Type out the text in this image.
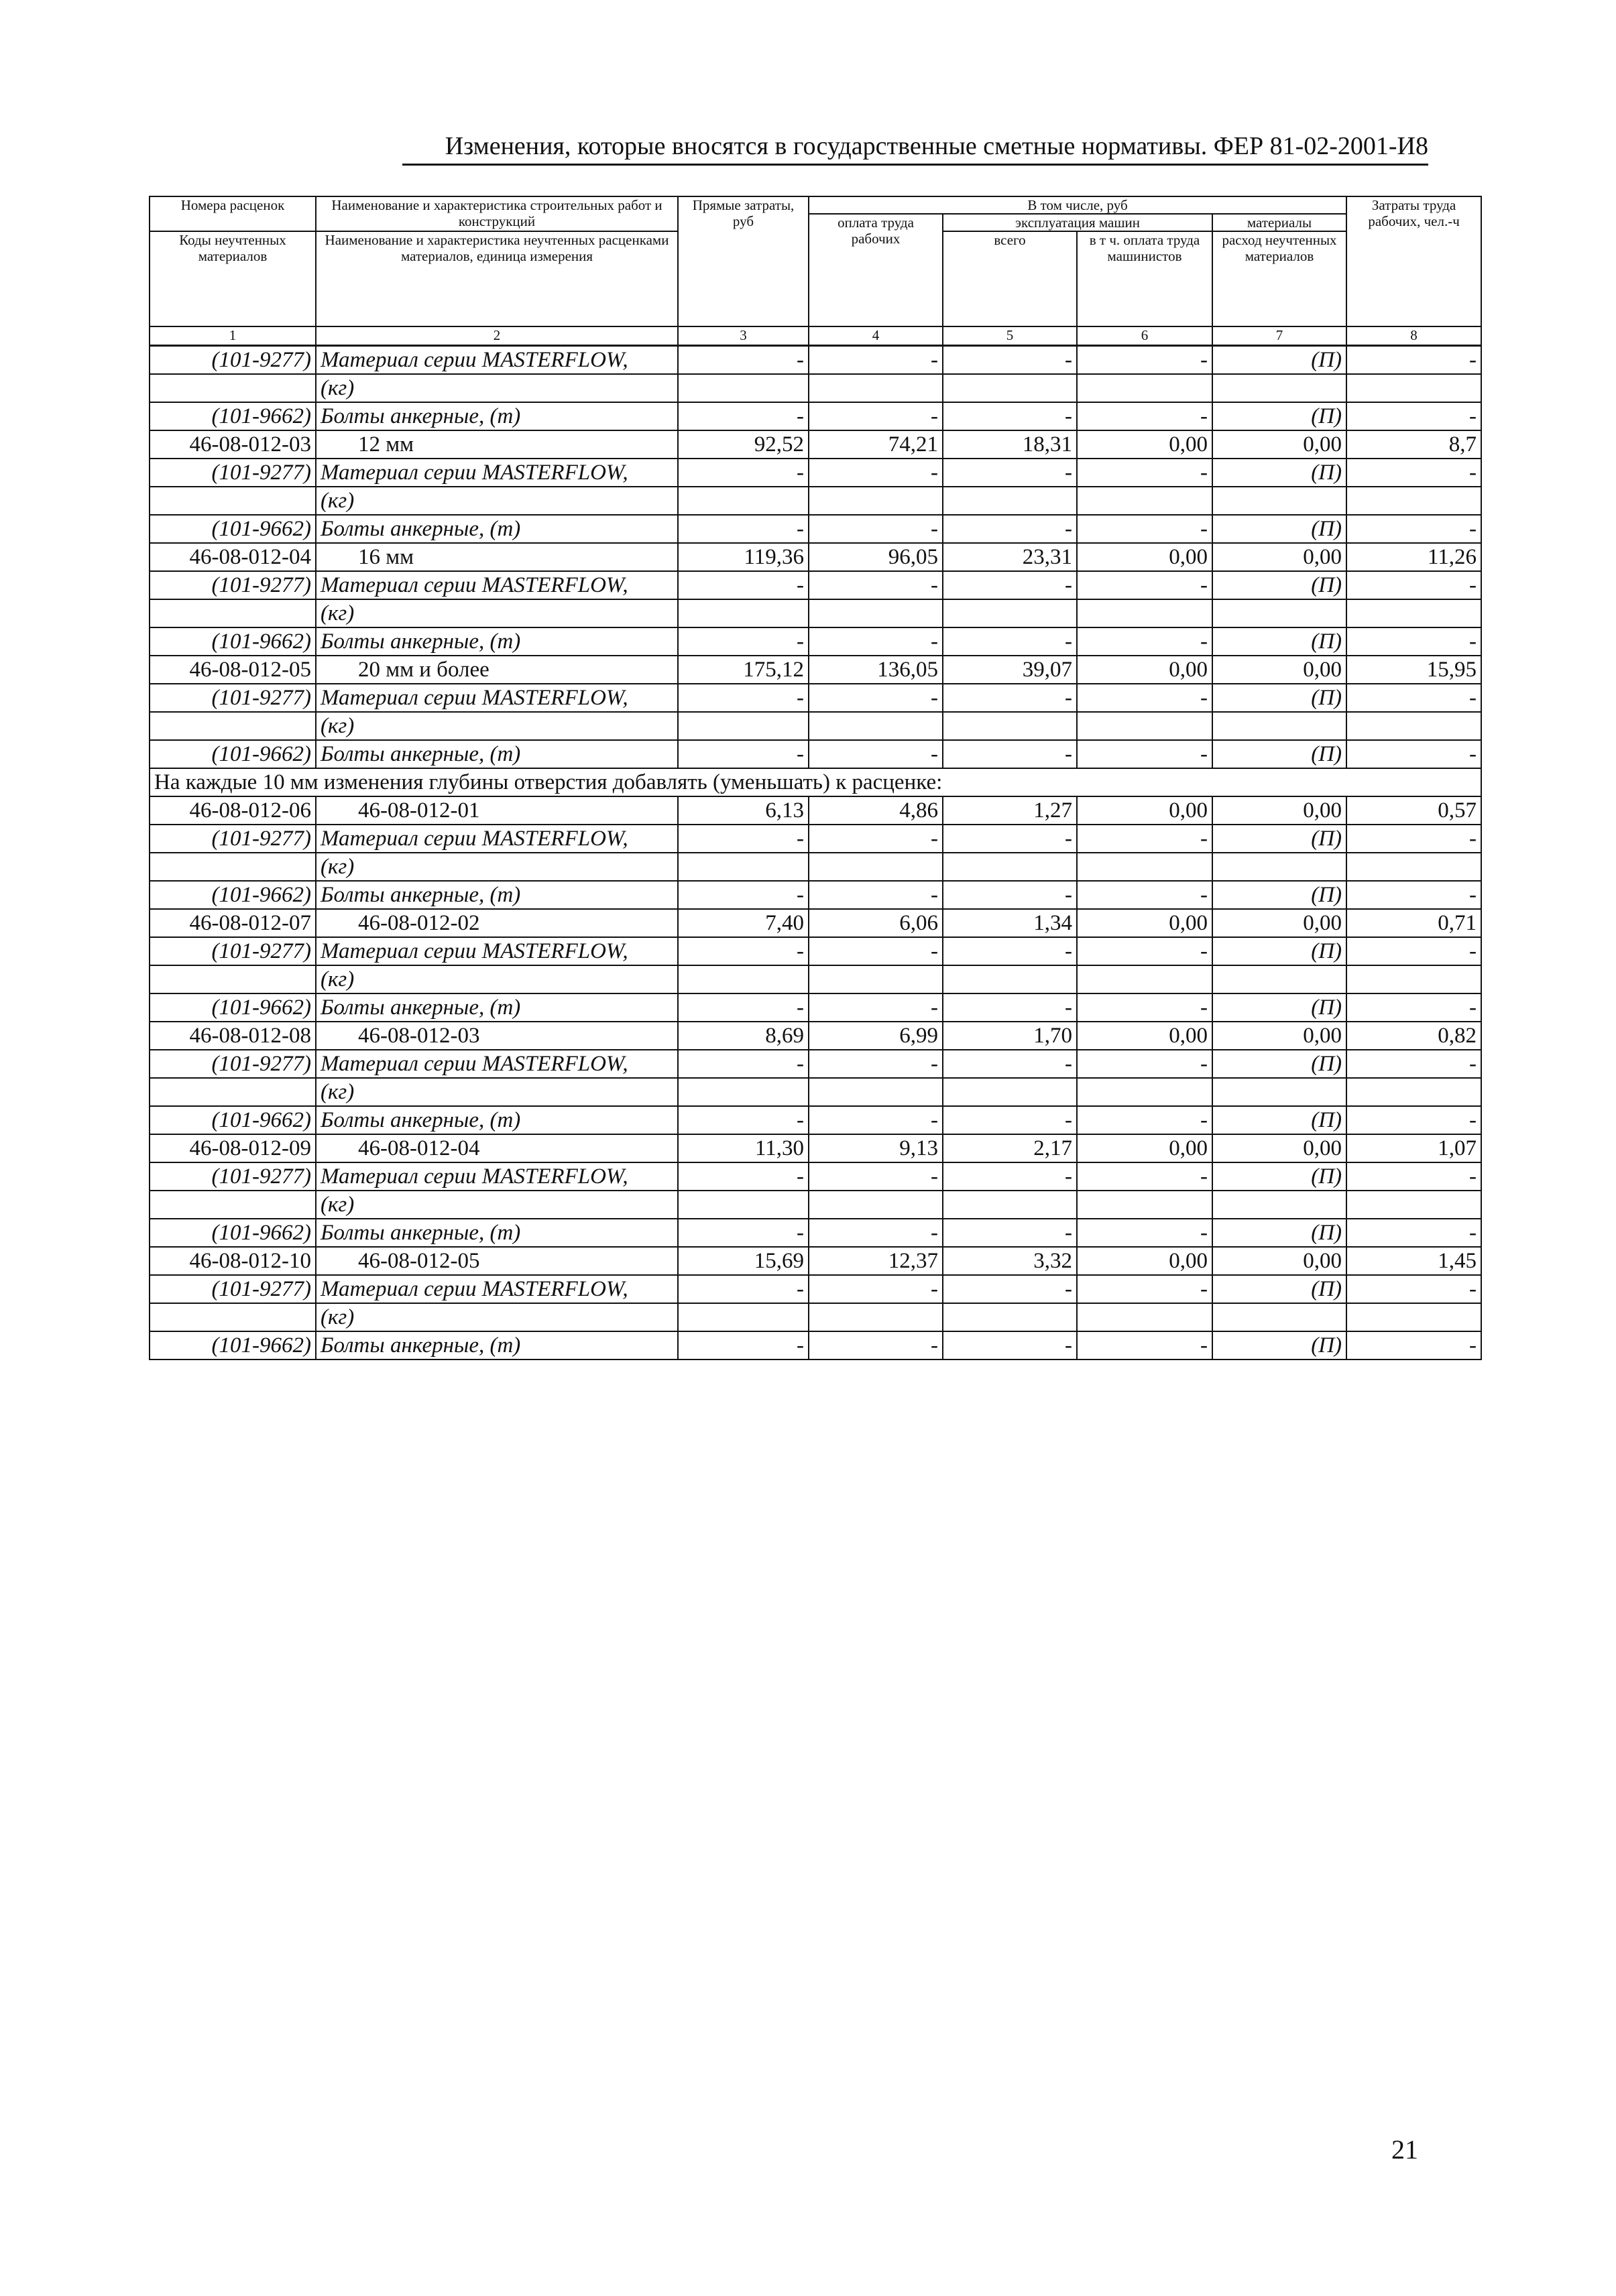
Изменения, которые вносятся в государственные сметные нормативы. ФЕР 81-02-2001-И8
Номера расценок	Наименование и характеристика строительных работ и конструкций	Прямые затраты, руб	В том числе, руб				Затраты труда рабочих, чел.-ч
			оплата труда рабочих	эксплуатация машин		материалы	
Коды неучтенных материалов	Наименование и характеристика неучтенных расценками материалов, единица измерения			всего	в т ч. оплата труда машинистов	расход неучтенных материалов	

1	2	3	4	5	6	7	8
(101-9277)	Материал серии MASTERFLOW,	-	-	-	-	(П)	-
	(кг)						
(101-9662)	Болты анкерные, (т)	-	-	-	-	(П)	-
46-08-012-03	12 мм	92,52	74,21	18,31	0,00	0,00	8,7
(101-9277)	Материал серии MASTERFLOW,	-	-	-	-	(П)	-
	(кг)						
(101-9662)	Болты анкерные, (т)	-	-	-	-	(П)	-
46-08-012-04	16 мм	119,36	96,05	23,31	0,00	0,00	11,26
(101-9277)	Материал серии MASTERFLOW,	-	-	-	-	(П)	-
	(кг)						
(101-9662)	Болты анкерные, (т)	-	-	-	-	(П)	-
46-08-012-05	20 мм и более	175,12	136,05	39,07	0,00	0,00	15,95
(101-9277)	Материал серии MASTERFLOW,	-	-	-	-	(П)	-
	(кг)						
(101-9662)	Болты анкерные, (т)	-	-	-	-	(П)	-
На каждые 10 мм изменения глубины отверстия добавлять (уменьшать) к расценке:							
46-08-012-06	46-08-012-01	6,13	4,86	1,27	0,00	0,00	0,57
(101-9277)	Материал серии MASTERFLOW,	-	-	-	-	(П)	-
	(кг)						
(101-9662)	Болты анкерные, (т)	-	-	-	-	(П)	-
46-08-012-07	46-08-012-02	7,40	6,06	1,34	0,00	0,00	0,71
(101-9277)	Материал серии MASTERFLOW,	-	-	-	-	(П)	-
	(кг)						
(101-9662)	Болты анкерные, (т)	-	-	-	-	(П)	-
46-08-012-08	46-08-012-03	8,69	6,99	1,70	0,00	0,00	0,82
(101-9277)	Материал серии MASTERFLOW,	-	-	-	-	(П)	-
	(кг)						
(101-9662)	Болты анкерные, (т)	-	-	-	-	(П)	-
46-08-012-09	46-08-012-04	11,30	9,13	2,17	0,00	0,00	1,07
(101-9277)	Материал серии MASTERFLOW,	-	-	-	-	(П)	-
	(кг)						
(101-9662)	Болты анкерные, (т)	-	-	-	-	(П)	-
46-08-012-10	46-08-012-05	15,69	12,37	3,32	0,00	0,00	1,45
(101-9277)	Материал серии MASTERFLOW,	-	-	-	-	(П)	-
	(кг)						
(101-9662)	Болты анкерные, (т)	-	-	-	-	(П)	-
21
